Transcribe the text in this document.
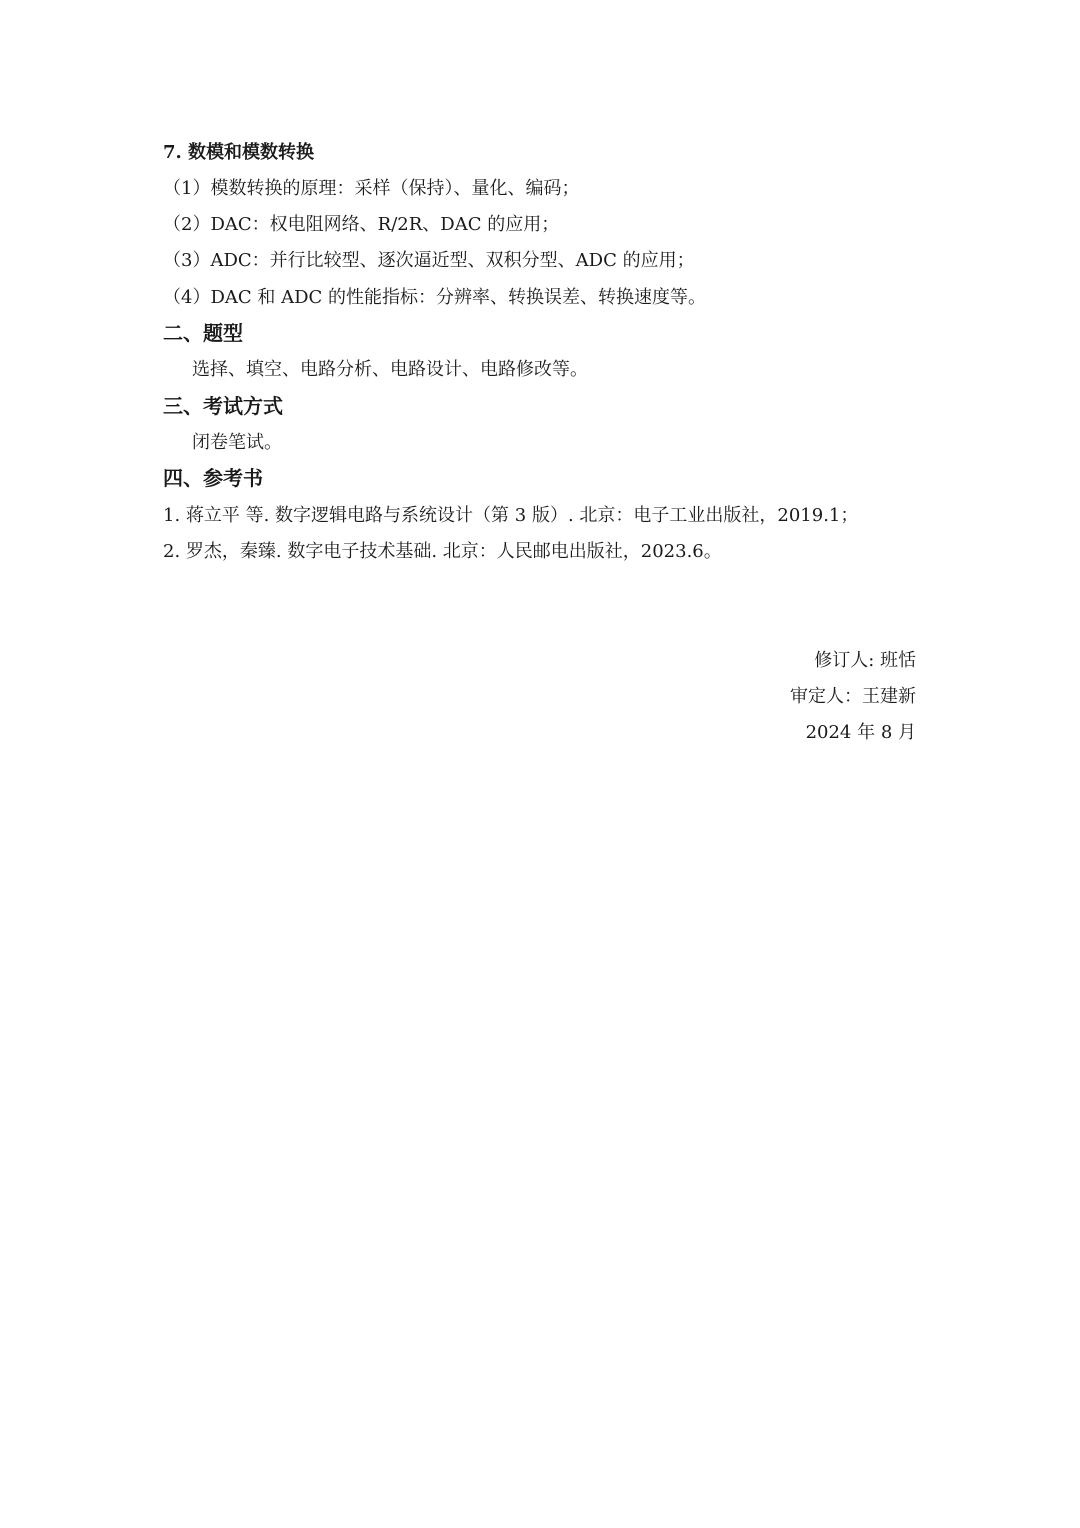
7. 数模和模数转换
（1）模数转换的原理：采样（保持）、量化、编码；
（2）DAC：权电阻网络、R/2R、DAC 的应用；
（3）ADC：并行比较型、逐次逼近型、双积分型、ADC 的应用；
（4）DAC 和 ADC 的性能指标：分辨率、转换误差、转换速度等。
二、题型
选择、填空、电路分析、电路设计、电路修改等。
三、考试方式
闭卷笔试。
四、参考书
1. 蒋立平 等. 数字逻辑电路与系统设计（第 3 版）. 北京：电子工业出版社，2019.1；
2. 罗杰，秦臻. 数字电子技术基础. 北京：人民邮电出版社，2023.6。
修订人: 班恬
审定人：王建新
2024 年 8 月
